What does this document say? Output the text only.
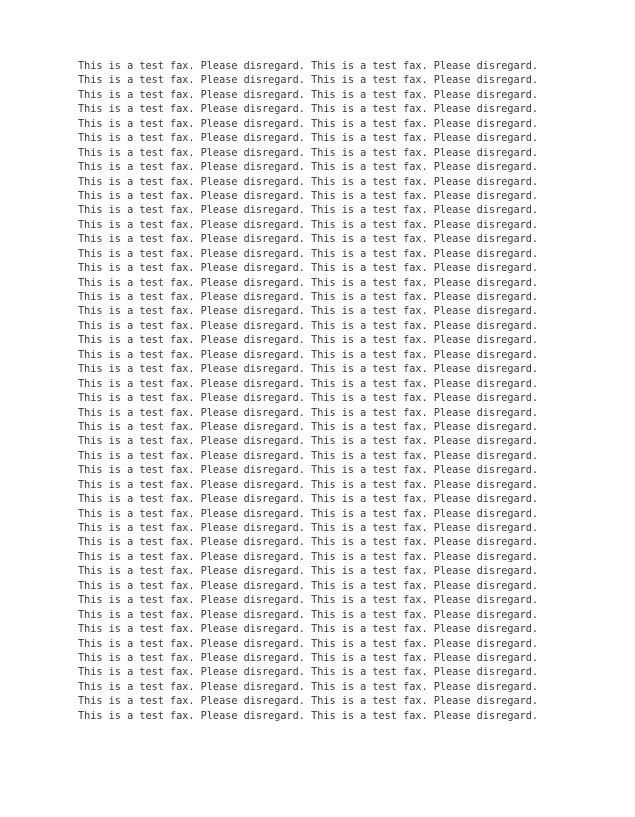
This is a test fax. Please disregard. This is a test fax. Please disregard.
This is a test fax. Please disregard. This is a test fax. Please disregard.
This is a test fax. Please disregard. This is a test fax. Please disregard.
This is a test fax. Please disregard. This is a test fax. Please disregard.
This is a test fax. Please disregard. This is a test fax. Please disregard.
This is a test fax. Please disregard. This is a test fax. Please disregard.
This is a test fax. Please disregard. This is a test fax. Please disregard.
This is a test fax. Please disregard. This is a test fax. Please disregard.
This is a test fax. Please disregard. This is a test fax. Please disregard.
This is a test fax. Please disregard. This is a test fax. Please disregard.
This is a test fax. Please disregard. This is a test fax. Please disregard.
This is a test fax. Please disregard. This is a test fax. Please disregard.
This is a test fax. Please disregard. This is a test fax. Please disregard.
This is a test fax. Please disregard. This is a test fax. Please disregard.
This is a test fax. Please disregard. This is a test fax. Please disregard.
This is a test fax. Please disregard. This is a test fax. Please disregard.
This is a test fax. Please disregard. This is a test fax. Please disregard.
This is a test fax. Please disregard. This is a test fax. Please disregard.
This is a test fax. Please disregard. This is a test fax. Please disregard.
This is a test fax. Please disregard. This is a test fax. Please disregard.
This is a test fax. Please disregard. This is a test fax. Please disregard.
This is a test fax. Please disregard. This is a test fax. Please disregard.
This is a test fax. Please disregard. This is a test fax. Please disregard.
This is a test fax. Please disregard. This is a test fax. Please disregard.
This is a test fax. Please disregard. This is a test fax. Please disregard.
This is a test fax. Please disregard. This is a test fax. Please disregard.
This is a test fax. Please disregard. This is a test fax. Please disregard.
This is a test fax. Please disregard. This is a test fax. Please disregard.
This is a test fax. Please disregard. This is a test fax. Please disregard.
This is a test fax. Please disregard. This is a test fax. Please disregard.
This is a test fax. Please disregard. This is a test fax. Please disregard.
This is a test fax. Please disregard. This is a test fax. Please disregard.
This is a test fax. Please disregard. This is a test fax. Please disregard.
This is a test fax. Please disregard. This is a test fax. Please disregard.
This is a test fax. Please disregard. This is a test fax. Please disregard.
This is a test fax. Please disregard. This is a test fax. Please disregard.
This is a test fax. Please disregard. This is a test fax. Please disregard.
This is a test fax. Please disregard. This is a test fax. Please disregard.
This is a test fax. Please disregard. This is a test fax. Please disregard.
This is a test fax. Please disregard. This is a test fax. Please disregard.
This is a test fax. Please disregard. This is a test fax. Please disregard.
This is a test fax. Please disregard. This is a test fax. Please disregard.
This is a test fax. Please disregard. This is a test fax. Please disregard.
This is a test fax. Please disregard. This is a test fax. Please disregard.
This is a test fax. Please disregard. This is a test fax. Please disregard.
This is a test fax. Please disregard. This is a test fax. Please disregard.
